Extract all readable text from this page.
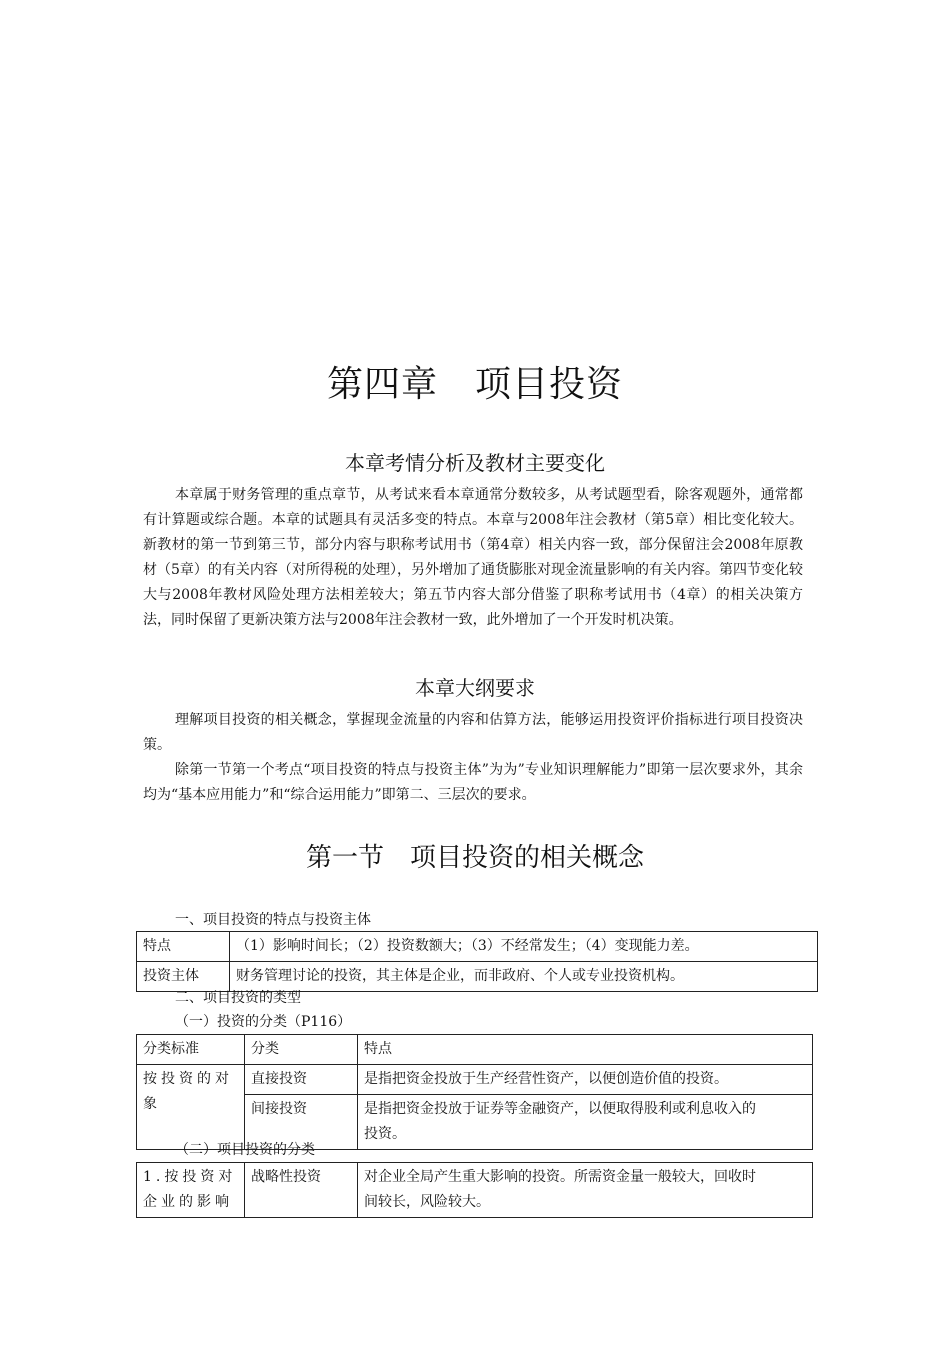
第四章　项目投资
本章考情分析及教材主要变化

本章属于财务管理的重点章节，从考试来看本章通常分数较多，从考试题型看，除客观题外，通常都有计算题或综合题。本章的试题具有灵活多变的特点。本章与2008年注会教材（第5章）相比变化较大。新教材的第一节到第三节，部分内容与职称考试用书（第4章）相关内容一致，部分保留注会2008年原教材（5章）的有关内容（对所得税的处理），另外增加了通货膨胀对现金流量影响的有关内容。第四节变化较大与2008年教材风险处理方法相差较大；第五节内容大部分借鉴了职称考试用书（4章）的相关决策方法，同时保留了更新决策方法与2008年注会教材一致，此外增加了一个开发时机决策。

本章大纲要求

理解项目投资的相关概念，掌握现金流量的内容和估算方法，能够运用投资评价指标进行项目投资决策。

除第一节第一个考点“项目投资的特点与投资主体”为为”专业知识理解能力”即第一层次要求外，其余均为“基本应用能力”和“综合运用能力”即第二、三层次的要求。

第一节　项目投资的相关概念
一、项目投资的特点与投资主体
特点	（1）影响时间长；（2）投资数额大；（3）不经常发生；（4）变现能力差。
投资主体	财务管理讨论的投资，其主体是企业，而非政府、个人或专业投资机构。
二、项目投资的类型
（一）投资的分类（P116）
分类标准	分类	特点
按投资的对象	直接投资	是指把资金投放于生产经营性资产，以便创造价值的投资。
	间接投资	是指把资金投放于证券等金融资产，以便取得股利或利息收入的投资。
（二）项目投资的分类
1.按投资对企业的影响	战略性投资	对企业全局产生重大影响的投资。所需资金量一般较大，回收时间较长，风险较大。
